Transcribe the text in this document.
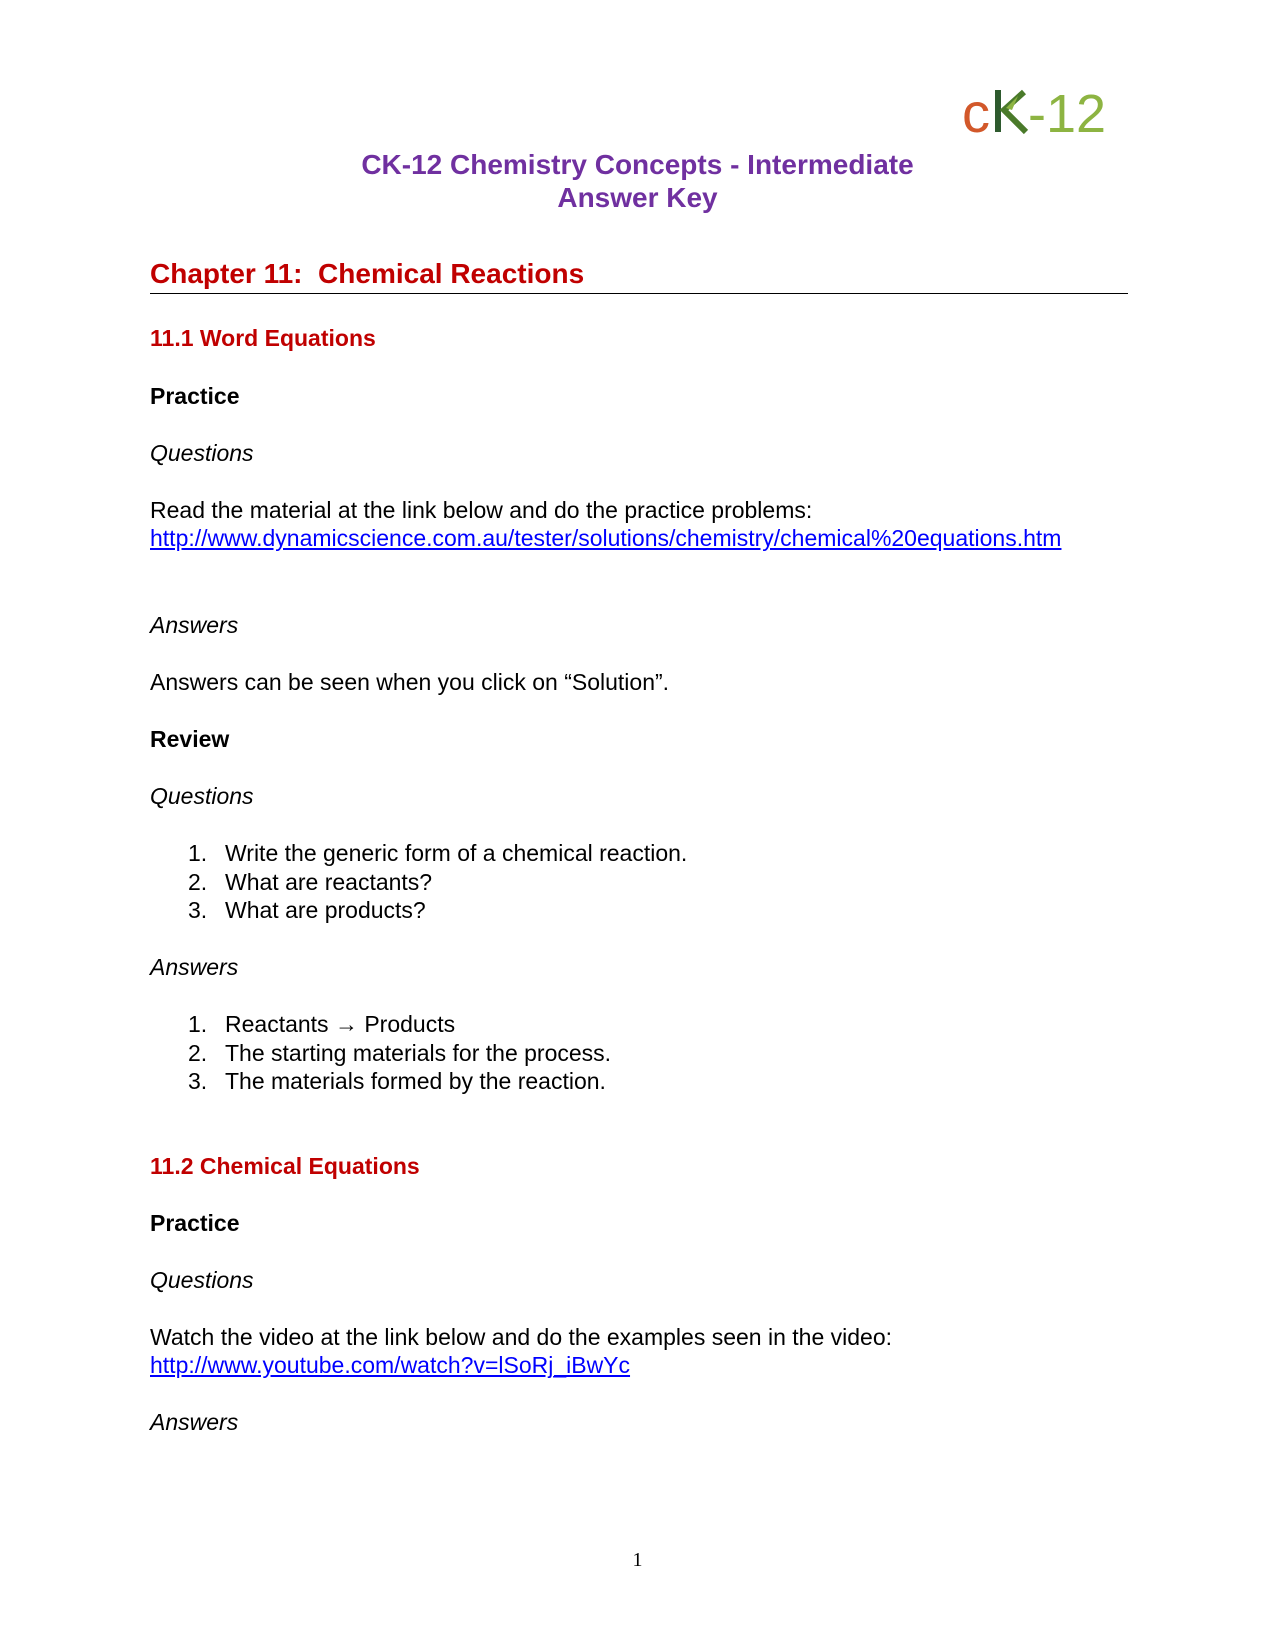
c -12
CK-12 Chemistry Concepts - Intermediate
Answer Key
Chapter 11:  Chemical Reactions
11.1 Word Equations
Practice
Questions
Read the material at the link below and do the practice problems:
http://www.dynamicscience.com.au/tester/solutions/chemistry/chemical%20equations.htm
Answers
Answers can be seen when you click on “Solution”.
Review
Questions
1. Write the generic form of a chemical reaction.
2. What are reactants?
3. What are products?
Answers
1. Reactants → Products
2. The starting materials for the process.
3. The materials formed by the reaction.
11.2 Chemical Equations
Practice
Questions
Watch the video at the link below and do the examples seen in the video:
http://www.youtube.com/watch?v=lSoRj_iBwYc
Answers
1
